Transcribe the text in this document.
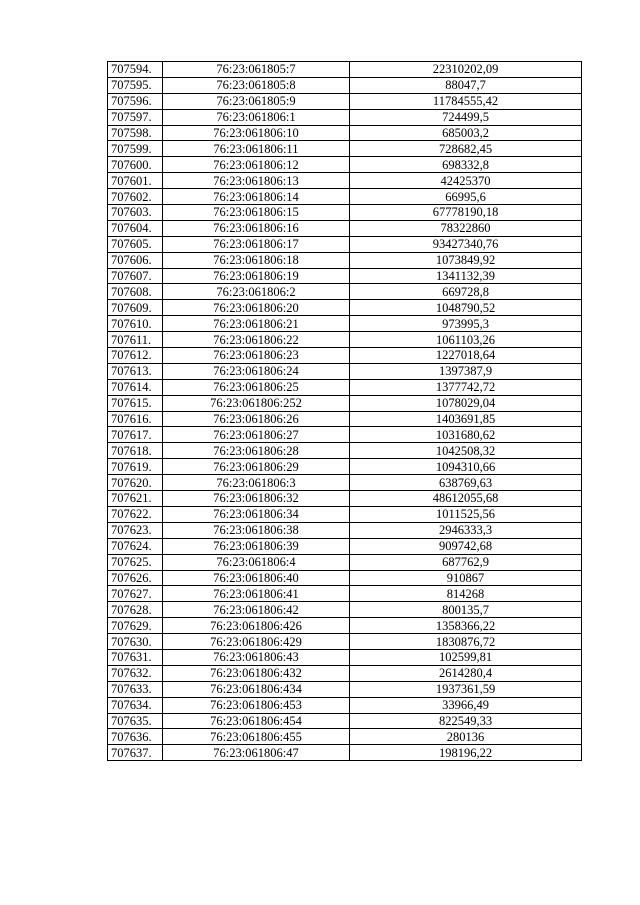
707594.	76:23:061805:7	22310202,09
707595.	76:23:061805:8	88047,7
707596.	76:23:061805:9	11784555,42
707597.	76:23:061806:1	724499,5
707598.	76:23:061806:10	685003,2
707599.	76:23:061806:11	728682,45
707600.	76:23:061806:12	698332,8
707601.	76:23:061806:13	42425370
707602.	76:23:061806:14	66995,6
707603.	76:23:061806:15	67778190,18
707604.	76:23:061806:16	78322860
707605.	76:23:061806:17	93427340,76
707606.	76:23:061806:18	1073849,92
707607.	76:23:061806:19	1341132,39
707608.	76:23:061806:2	669728,8
707609.	76:23:061806:20	1048790,52
707610.	76:23:061806:21	973995,3
707611.	76:23:061806:22	1061103,26
707612.	76:23:061806:23	1227018,64
707613.	76:23:061806:24	1397387,9
707614.	76:23:061806:25	1377742,72
707615.	76:23:061806:252	1078029,04
707616.	76:23:061806:26	1403691,85
707617.	76:23:061806:27	1031680,62
707618.	76:23:061806:28	1042508,32
707619.	76:23:061806:29	1094310,66
707620.	76:23:061806:3	638769,63
707621.	76:23:061806:32	48612055,68
707622.	76:23:061806:34	1011525,56
707623.	76:23:061806:38	2946333,3
707624.	76:23:061806:39	909742,68
707625.	76:23:061806:4	687762,9
707626.	76:23:061806:40	910867
707627.	76:23:061806:41	814268
707628.	76:23:061806:42	800135,7
707629.	76:23:061806:426	1358366,22
707630.	76:23:061806:429	1830876,72
707631.	76:23:061806:43	102599,81
707632.	76:23:061806:432	2614280,4
707633.	76:23:061806:434	1937361,59
707634.	76:23:061806:453	33966,49
707635.	76:23:061806:454	822549,33
707636.	76:23:061806:455	280136
707637.	76:23:061806:47	198196,22
